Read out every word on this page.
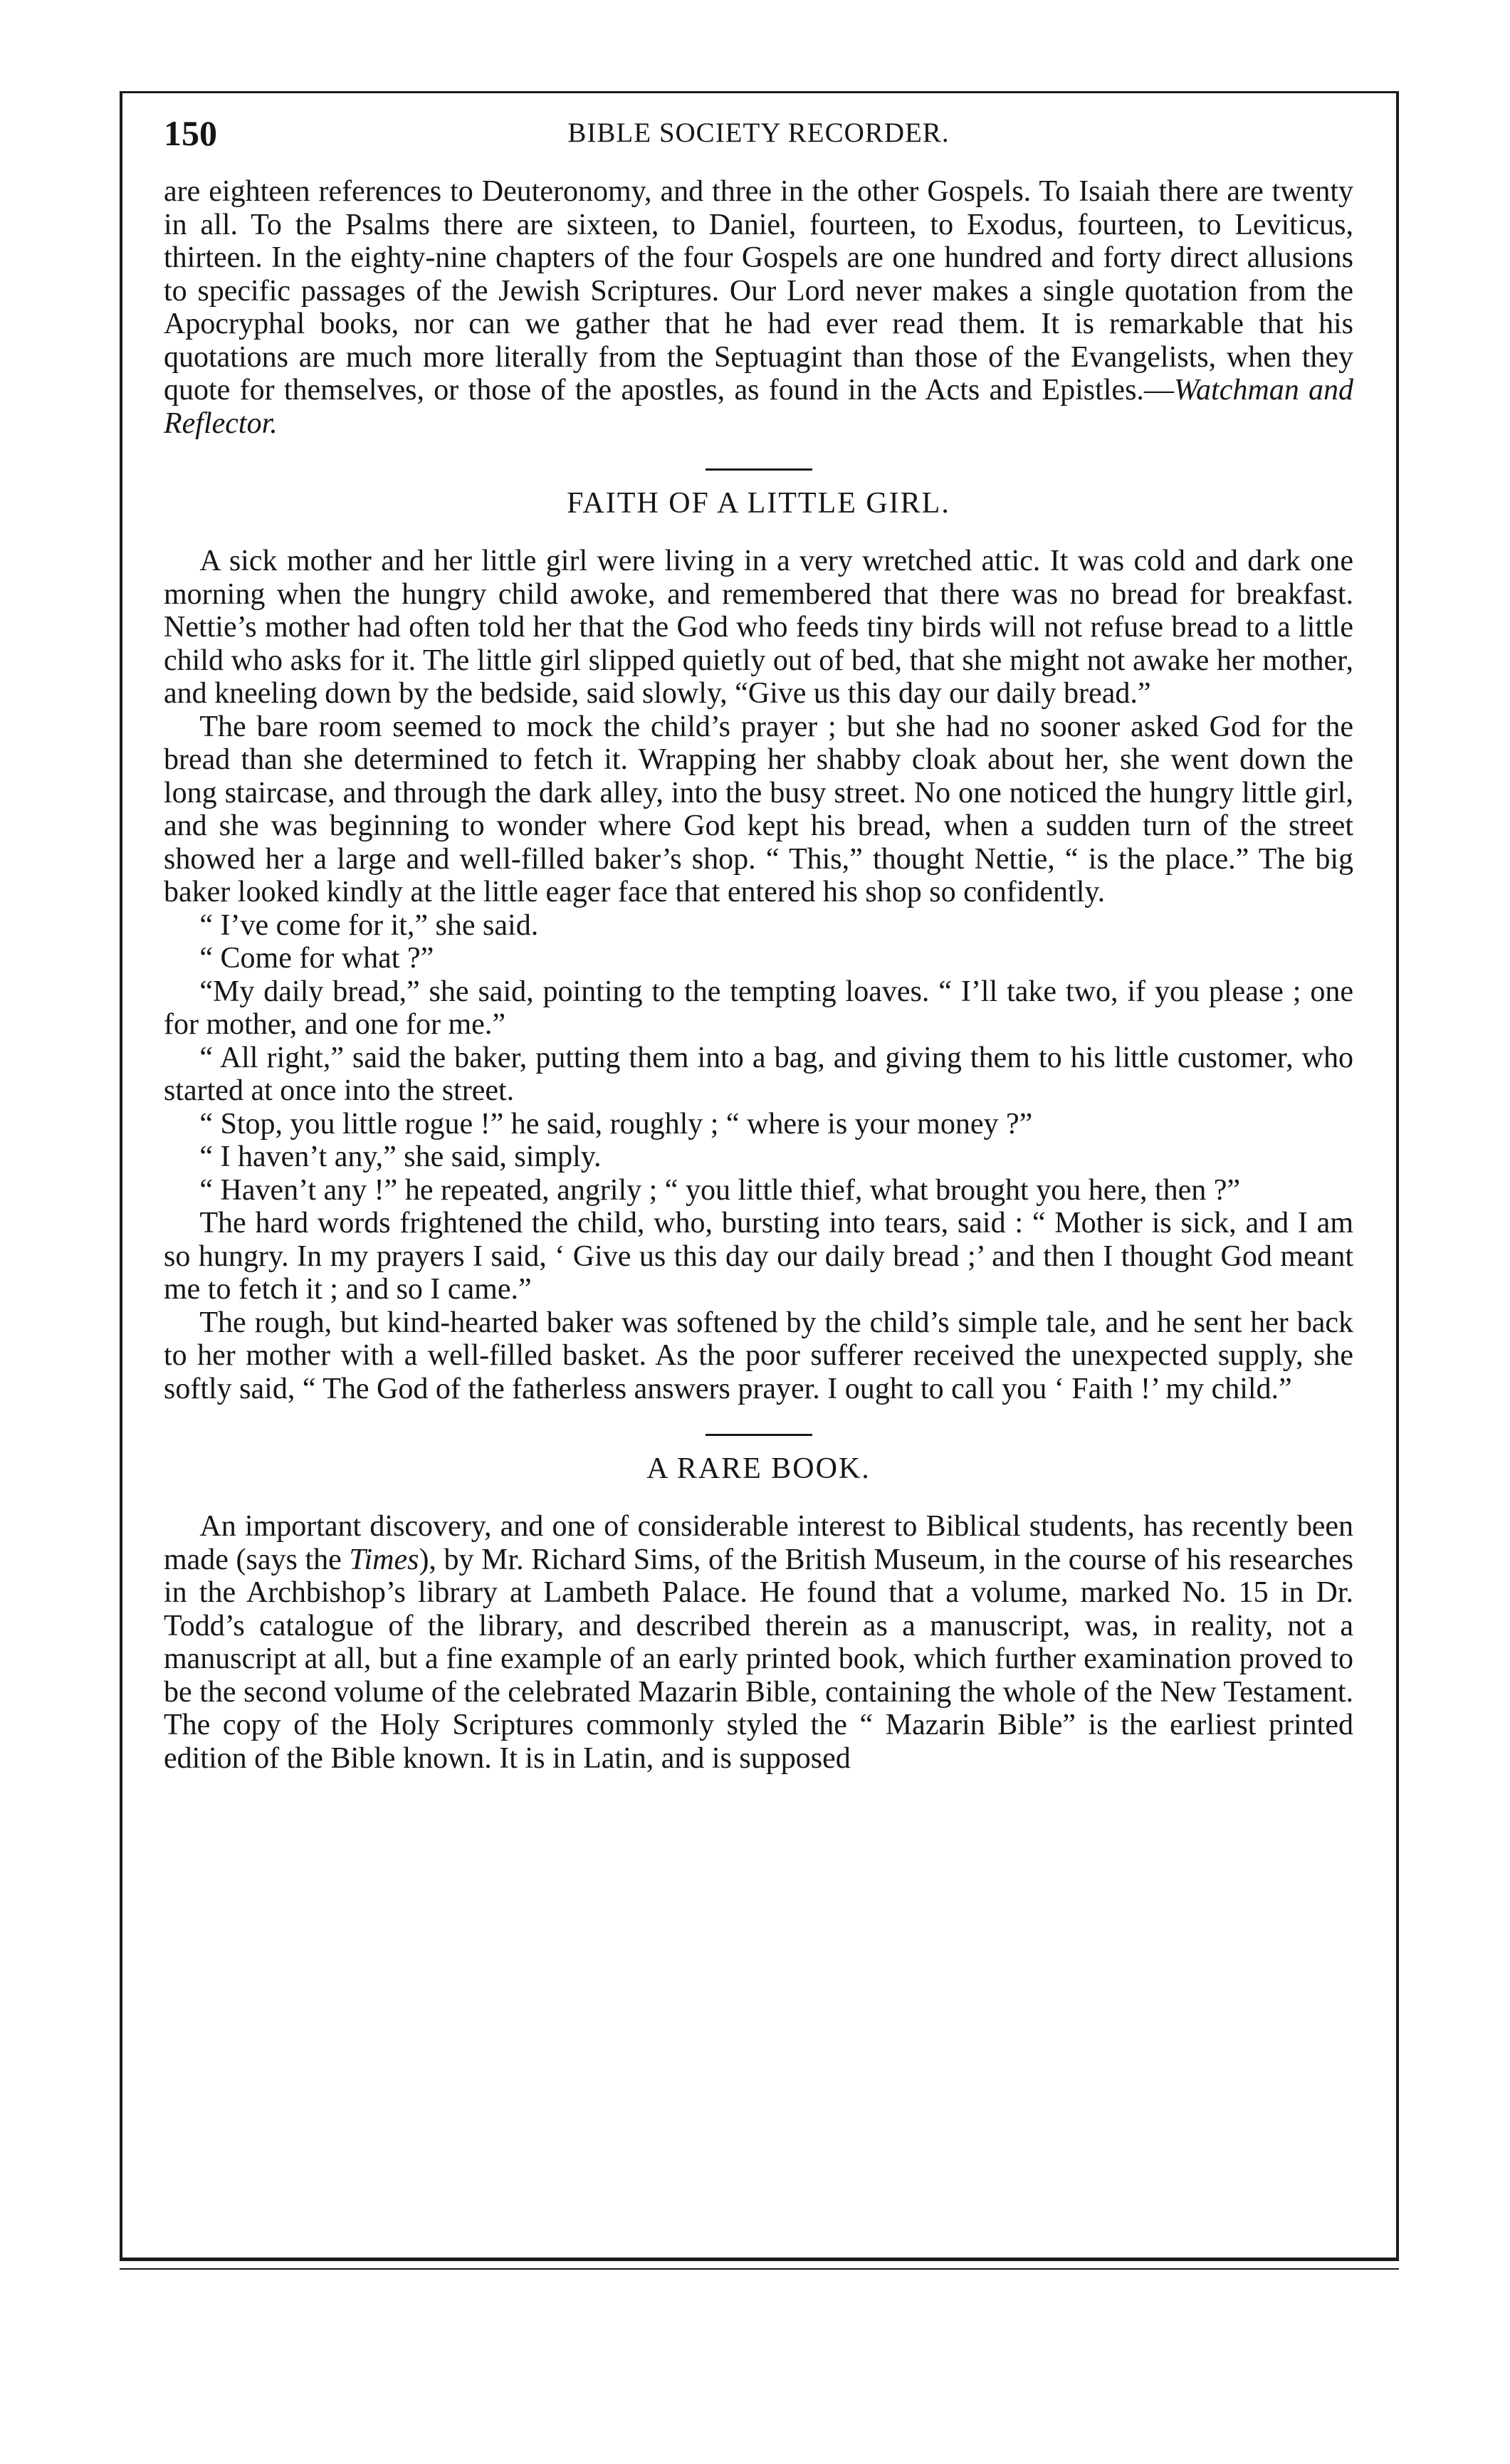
150	BIBLE SOCIETY RECORDER.

are eighteen references to Deuteronomy, and three in the other Gospels. To Isaiah there are twenty in all. To the Psalms there are sixteen, to Daniel, fourteen, to Exodus, fourteen, to Leviticus, thirteen. In the eighty-nine chapters of the four Gospels are one hundred and forty direct allusions to specific passages of the Jewish Scriptures. Our Lord never makes a single quotation from the Apocryphal books, nor can we gather that he had ever read them. It is remarkable that his quotations are much more literally from the Septuagint than those of the Evangelists, when they quote for themselves, or those of the apostles, as found in the Acts and Epistles.—Watchman and Reflector.

FAITH OF A LITTLE GIRL.

A sick mother and her little girl were living in a very wretched attic. It was cold and dark one morning when the hungry child awoke, and remembered that there was no bread for breakfast. Nettie’s mother had often told her that the God who feeds tiny birds will not refuse bread to a little child who asks for it. The little girl slipped quietly out of bed, that she might not awake her mother, and kneeling down by the bedside, said slowly, “Give us this day our daily bread.”

The bare room seemed to mock the child’s prayer ; but she had no sooner asked God for the bread than she determined to fetch it. Wrapping her shabby cloak about her, she went down the long staircase, and through the dark alley, into the busy street. No one noticed the hungry little girl, and she was beginning to wonder where God kept his bread, when a sudden turn of the street showed her a large and well-filled baker’s shop. “ This,” thought Nettie, “ is the place.” The big baker looked kindly at the little eager face that entered his shop so confidently.

“ I’ve come for it,” she said.

“ Come for what ?”

“My daily bread,” she said, pointing to the tempting loaves. “ I’ll take two, if you please ; one for mother, and one for me.”

“ All right,” said the baker, putting them into a bag, and giving them to his little customer, who started at once into the street.

“ Stop, you little rogue !” he said, roughly ; “ where is your money ?”

“ I haven’t any,” she said, simply.

“ Haven’t any !” he repeated, angrily ; “ you little thief, what brought you here, then ?”

The hard words frightened the child, who, bursting into tears, said : “ Mother is sick, and I am so hungry. In my prayers I said, ‘ Give us this day our daily bread ;’ and then I thought God meant me to fetch it ; and so I came.”

The rough, but kind-hearted baker was softened by the child’s simple tale, and he sent her back to her mother with a well-filled basket. As the poor sufferer received the unexpected supply, she softly said, “ The God of the fatherless answers prayer. I ought to call you ‘ Faith !’ my child.”

A RARE BOOK.

An important discovery, and one of considerable interest to Biblical students, has recently been made (says the Times), by Mr. Richard Sims, of the British Museum, in the course of his researches in the Archbishop’s library at Lambeth Palace. He found that a volume, marked No. 15 in Dr. Todd’s catalogue of the library, and described therein as a manuscript, was, in reality, not a manuscript at all, but a fine example of an early printed book, which further examination proved to be the second volume of the celebrated Mazarin Bible, containing the whole of the New Testament. The copy of the Holy Scriptures commonly styled the “ Mazarin Bible” is the earliest printed edition of the Bible known. It is in Latin, and is supposed
